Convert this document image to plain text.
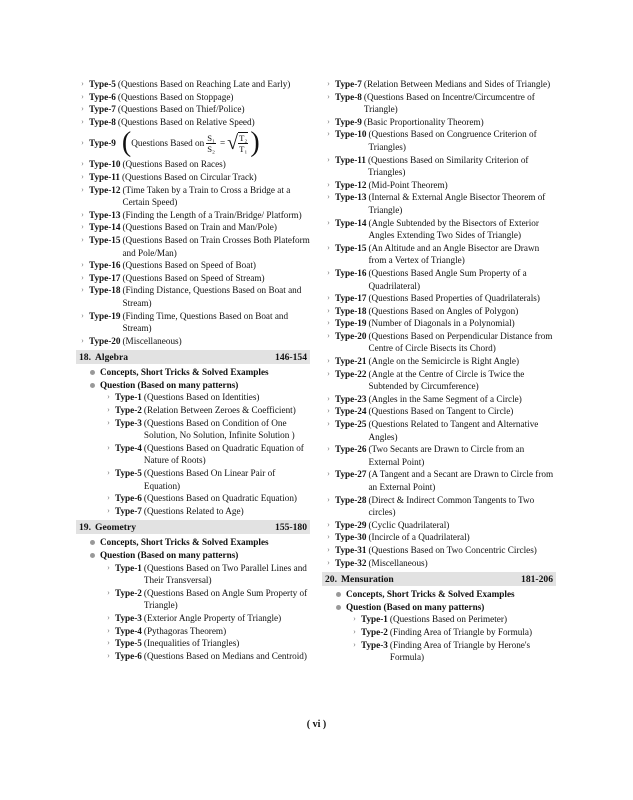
› Type-5 (Questions Based on Reaching Late and Early)
› Type-6 (Questions Based on Stoppage)
› Type-7 (Questions Based on Thief/Police)
› Type-8 (Questions Based on Relative Speed)
› Type-9 ( Questions Based on $\frac{\text{S₁}}{\text{S₂}}$ = √ $\frac{\text{T₂}}{\text{T₁}}$ )
› Type-10 (Questions Based on Races)
› Type-11 (Questions Based on Circular Track)
› Type-12 (Time Taken by a Train to Cross a Bridge at a Certain Speed)
› Type-13 (Finding the Length of a Train/Bridge/ Platform)
› Type-14 (Questions Based on Train and Man/Pole)
› Type-15 (Questions Based on Train Crosses Both Plateform and Pole/Man)
› Type-16 (Questions Based on Speed of Boat)
› Type-17 (Questions Based on Speed of Stream)
› Type-18 (Finding Distance, Questions Based on Boat and Stream)
› Type-19 (Finding Time, Questions Based on Boat and Stream)
› Type-20 (Miscellaneous)
18. Algebra	146-154
Concepts, Short Tricks & Solved Examples
Question (Based on many patterns)
› Type-1 (Questions Based on Identities)
› Type-2 (Relation Between Zeroes & Coefficient)
› Type-3 (Questions Based on Condition of One Solution, No Solution, Infinite Solution )
› Type-4 (Questions Based on Quadratic Equation of Nature of Roots)
› Type-5 (Questions Based On Linear Pair of Equation)
› Type-6 (Questions Based on Quadratic Equation)
› Type-7 (Questions Related to Age)
19. Geometry	155-180
Concepts, Short Tricks & Solved Examples
Question (Based on many patterns)
› Type-1 (Questions Based on Two Parallel Lines and Their Transversal)
› Type-2 (Questions Based on Angle Sum Property of Triangle)
› Type-3 (Exterior Angle Property of Triangle)
› Type-4 (Pythagoras Theorem)
› Type-5 (Inequalities of Triangles)
› Type-6 (Questions Based on Medians and Centroid)
› Type-7 (Relation Between Medians and Sides of Triangle)
› Type-8 (Questions Based on Incentre/Circumcentre of Triangle)
› Type-9 (Basic Proportionality Theorem)
› Type-10 (Questions Based on Congruence Criterion of Triangles)
› Type-11 (Questions Based on Similarity Criterion of Triangles)
› Type-12 (Mid-Point Theorem)
› Type-13 (Internal & External Angle Bisector Theorem of Triangle)
› Type-14 (Angle Subtended by the Bisectors of Exterior Angles Extending Two Sides of Triangle)
› Type-15 (An Altitude and an Angle Bisector are Drawn from a Vertex of Triangle)
› Type-16 (Questions Based Angle Sum Property of a Quadrilateral)
› Type-17 (Questions Based Properties of Quadrilaterals)
› Type-18 (Questions Based on Angles of Polygon)
› Type-19 (Number of Diagonals in a Polynomial)
› Type-20 (Questions Based on Perpendicular Distance from Centre of Circle Bisects its Chord)
› Type-21 (Angle on the Semicircle is Right Angle)
› Type-22 (Angle at the Centre of Circle is Twice the Subtended by Circumference)
› Type-23 (Angles in the Same Segment of a Circle)
› Type-24 (Questions Based on Tangent to Circle)
› Type-25 (Questions Related to Tangent and Alternative Angles)
› Type-26 (Two Secants are Drawn to Circle from an External Point)
› Type-27 (A Tangent and a Secant are Drawn to Circle from an External Point)
› Type-28 (Direct & Indirect Common Tangents to Two circles)
› Type-29 (Cyclic Quadrilateral)
› Type-30 (Incircle of a Quadrilateral)
› Type-31 (Questions Based on Two Concentric Circles)
› Type-32 (Miscellaneous)
20. Mensuration	181-206
Concepts, Short Tricks & Solved Examples
Question (Based on many patterns)
› Type-1 (Questions Based on Perimeter)
› Type-2 (Finding Area of Triangle by Formula)
› Type-3 (Finding Area of Triangle by Herone's Formula)
( vi )
